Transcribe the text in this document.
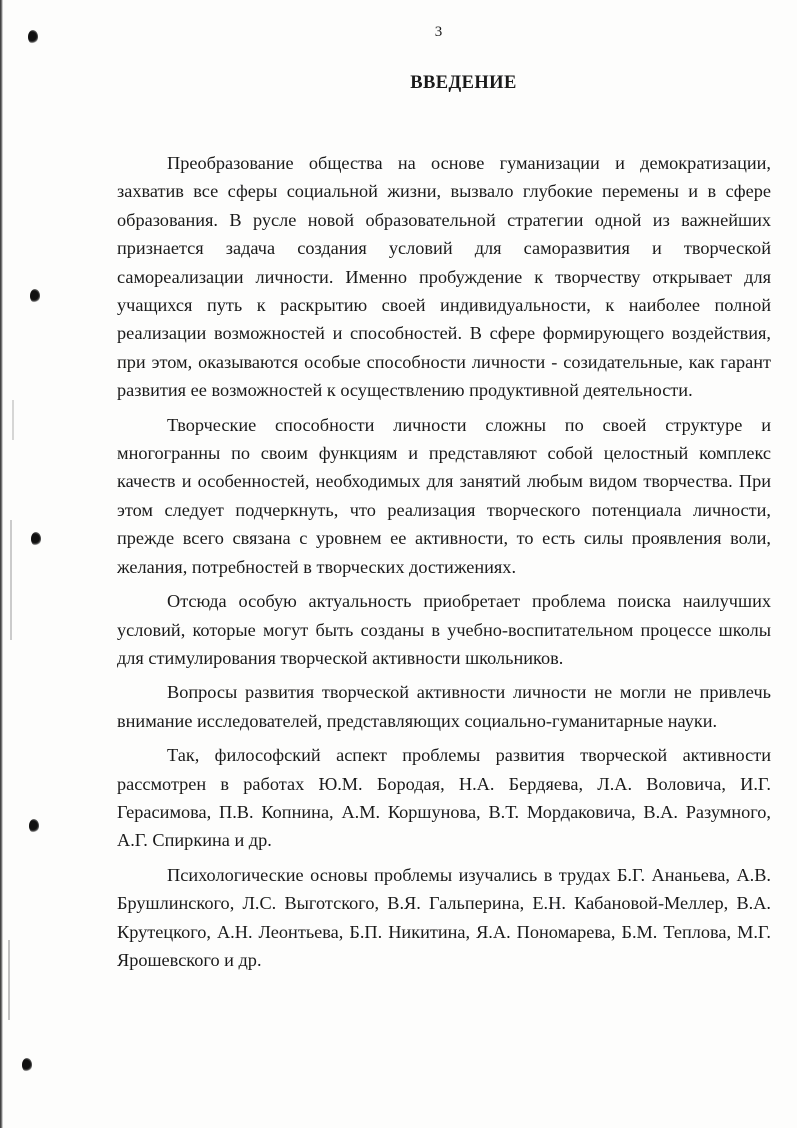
3
ВВЕДЕНИЕ

Преобразование общества на основе гуманизации и демократизации, захватив все сферы социальной жизни, вызвало глубокие перемены и в сфере образования. В русле новой образовательной стратегии одной из важнейших признается задача создания условий для саморазвития и творческой самореализации личности. Именно пробуждение к творчеству открывает для учащихся путь к раскрытию своей индивидуальности, к наиболее полной реализации возможностей и способностей. В сфере формирующего воздействия, при этом, оказываются особые способности личности - созидательные, как гарант развития ее возможностей к осуществлению продуктивной деятельности.

Творческие способности личности сложны по своей структуре и многогранны по своим функциям и представляют собой целостный комплекс качеств и особенностей, необходимых для занятий любым видом творчества. При этом следует подчеркнуть, что реализация творческого потенциала личности, прежде всего связана с уровнем ее активности, то есть силы проявления воли, желания, потребностей в творческих достижениях.

Отсюда особую актуальность приобретает проблема поиска наилучших условий, которые могут быть созданы в учебно-воспитательном процессе школы для стимулирования творческой активности школьников.

Вопросы развития творческой активности личности не могли не привлечь внимание исследователей, представляющих социально-гуманитарные науки.

Так, философский аспект проблемы развития творческой активности рассмотрен в работах Ю.М. Бородая, Н.А. Бердяева, Л.А. Воловича, И.Г. Герасимова, П.В. Копнина, А.М. Коршунова, В.Т. Мордаковича, В.А. Разумного, А.Г. Спиркина и др.

Психологические основы проблемы изучались в трудах Б.Г. Ананьева, А.В. Брушлинского, Л.С. Выготского, В.Я. Гальперина, Е.Н. Кабановой-Меллер, В.А. Крутецкого, А.Н. Леонтьева, Б.П. Никитина, Я.А. Пономарева, Б.М. Теплова, М.Г. Ярошевского и др.
